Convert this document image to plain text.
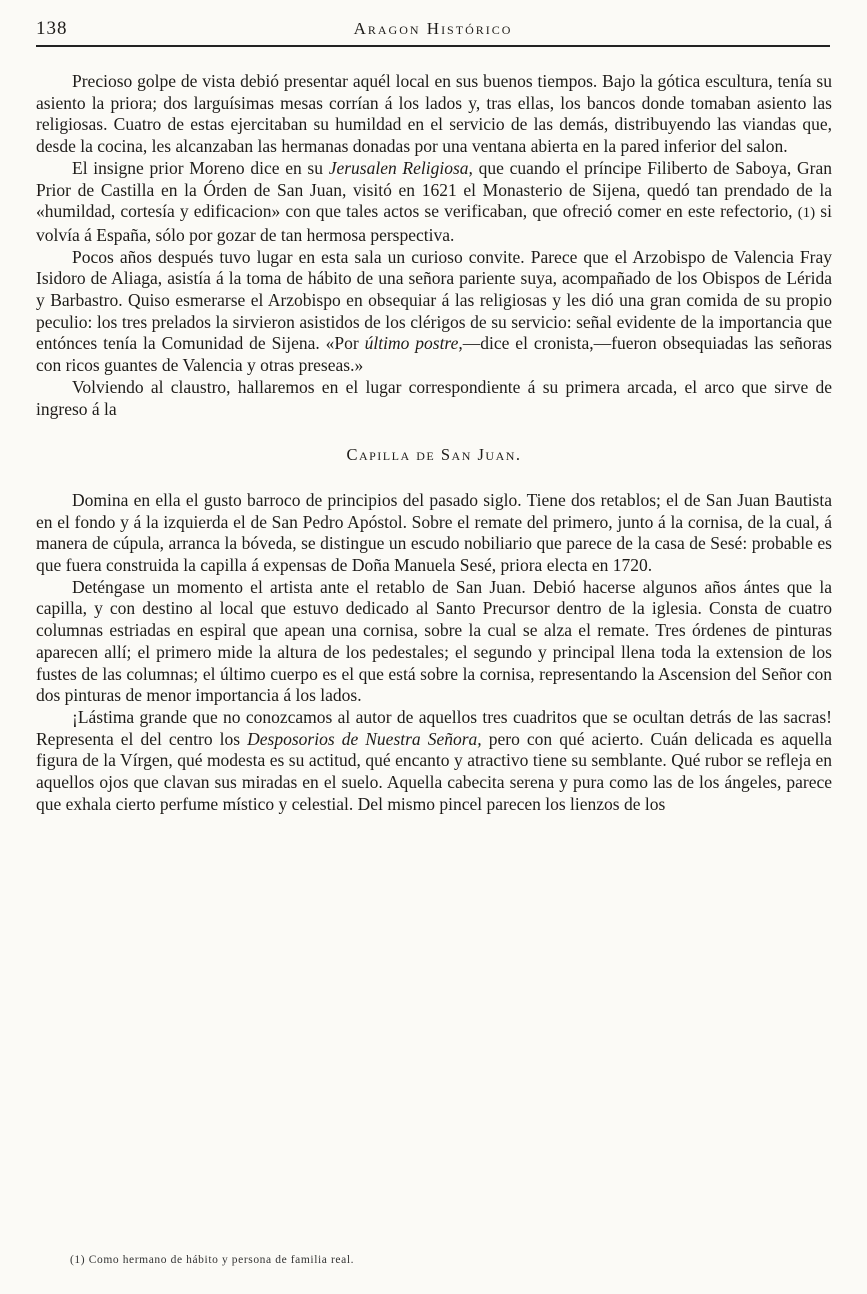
138	Aragon Histórico

Precioso golpe de vista debió presentar aquél local en sus buenos tiempos. Bajo la gótica escultura, tenía su asiento la priora; dos larguísimas mesas corrían á los lados y, tras ellas, los bancos donde tomaban asiento las religiosas. Cuatro de estas ejercitaban su humildad en el servicio de las demás, distribuyendo las viandas que, desde la cocina, les alcanzaban las hermanas donadas por una ventana abierta en la pared inferior del salon.

El insigne prior Moreno dice en su Jerusalen Religiosa, que cuando el príncipe Filiberto de Saboya, Gran Prior de Castilla en la Órden de San Juan, visitó en 1621 el Monasterio de Sijena, quedó tan prendado de la «humildad, cortesía y edificacion» con que tales actos se verificaban, que ofreció comer en este refectorio, (1) si volvía á España, sólo por gozar de tan hermosa perspectiva.

Pocos años después tuvo lugar en esta sala un curioso convite. Parece que el Arzobispo de Valencia Fray Isidoro de Aliaga, asistía á la toma de hábito de una señora pariente suya, acompañado de los Obispos de Lérida y Barbastro. Quiso esmerarse el Arzobispo en obsequiar á las religiosas y les dió una gran comida de su propio peculio: los tres prelados la sirvieron asistidos de los clérigos de su servicio: señal evidente de la importancia que entónces tenía la Comunidad de Sijena. «Por último postre,—dice el cronista,—fueron obsequiadas las señoras con ricos guantes de Valencia y otras preseas.»

Volviendo al claustro, hallaremos en el lugar correspondiente á su primera arcada, el arco que sirve de ingreso á la

Capilla de San Juan.

Domina en ella el gusto barroco de principios del pasado siglo. Tiene dos retablos; el de San Juan Bautista en el fondo y á la izquierda el de San Pedro Apóstol. Sobre el remate del primero, junto á la cornisa, de la cual, á manera de cúpula, arranca la bóveda, se distingue un escudo nobiliario que parece de la casa de Sesé: probable es que fuera construida la capilla á expensas de Doña Manuela Sesé, priora electa en 1720.

Deténgase un momento el artista ante el retablo de San Juan. Debió hacerse algunos años ántes que la capilla, y con destino al local que estuvo dedicado al Santo Precursor dentro de la iglesia. Consta de cuatro columnas estriadas en espiral que apean una cornisa, sobre la cual se alza el remate. Tres órdenes de pinturas aparecen allí; el primero mide la altura de los pedestales; el segundo y principal llena toda la extension de los fustes de las columnas; el último cuerpo es el que está sobre la cornisa, representando la Ascension del Señor con dos pinturas de menor importancia á los lados.

¡Lástima grande que no conozcamos al autor de aquellos tres cuadritos que se ocultan detrás de las sacras! Representa el del centro los Desposorios de Nuestra Señora, pero con qué acierto. Cuán delicada es aquella figura de la Vírgen, qué modesta es su actitud, qué encanto y atractivo tiene su semblante. Qué rubor se refleja en aquellos ojos que clavan sus miradas en el suelo. Aquella cabecita serena y pura como las de los ángeles, parece que exhala cierto perfume místico y celestial. Del mismo pincel parecen los lienzos de los

(1) Como hermano de hábito y persona de familia real.
